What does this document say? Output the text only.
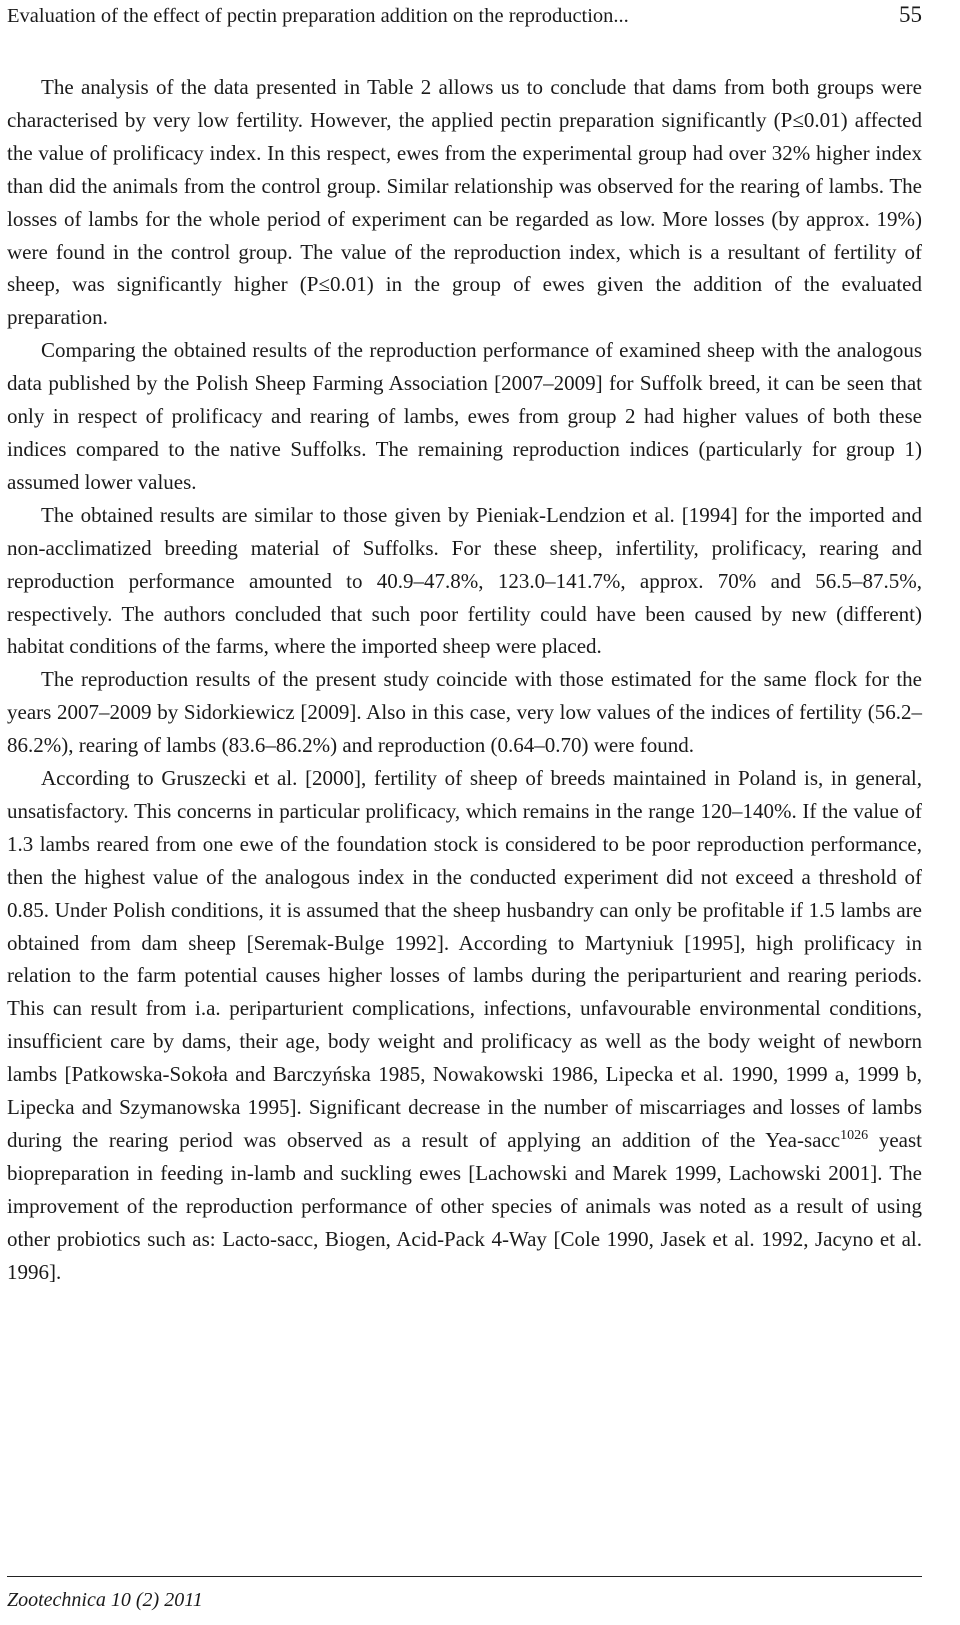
Evaluation of the effect of pectin preparation addition on the reproduction...	55

The analysis of the data presented in Table 2 allows us to conclude that dams from both groups were characterised by very low fertility. However, the applied pectin preparation significantly (P≤0.01) affected the value of prolificacy index. In this respect, ewes from the experimental group had over 32% higher index than did the animals from the control group. Similar relationship was observed for the rearing of lambs. The losses of lambs for the whole period of experiment can be regarded as low. More losses (by approx. 19%) were found in the control group. The value of the reproduction index, which is a resultant of fertility of sheep, was significantly higher (P≤0.01) in the group of ewes given the addition of the evaluated preparation.

Comparing the obtained results of the reproduction performance of examined sheep with the analogous data published by the Polish Sheep Farming Association [2007–2009] for Suffolk breed, it can be seen that only in respect of prolificacy and rearing of lambs, ewes from group 2 had higher values of both these indices compared to the native Suffolks. The remaining reproduction indices (particularly for group 1) assumed lower values.

The obtained results are similar to those given by Pieniak-Lendzion et al. [1994] for the imported and non-acclimatized breeding material of Suffolks. For these sheep, infertility, prolificacy, rearing and reproduction performance amounted to 40.9–47.8%, 123.0–141.7%, approx. 70% and 56.5–87.5%, respectively. The authors concluded that such poor fertility could have been caused by new (different) habitat conditions of the farms, where the imported sheep were placed.

The reproduction results of the present study coincide with those estimated for the same flock for the years 2007–2009 by Sidorkiewicz [2009]. Also in this case, very low values of the indices of fertility (56.2–86.2%), rearing of lambs (83.6–86.2%) and reproduction (0.64–0.70) were found.

According to Gruszecki et al. [2000], fertility of sheep of breeds maintained in Poland is, in general, unsatisfactory. This concerns in particular prolificacy, which remains in the range 120–140%. If the value of 1.3 lambs reared from one ewe of the foundation stock is considered to be poor reproduction performance, then the highest value of the analogous index in the conducted experiment did not exceed a threshold of 0.85. Under Polish conditions, it is assumed that the sheep husbandry can only be profitable if 1.5 lambs are obtained from dam sheep [Seremak-Bulge 1992]. According to Martyniuk [1995], high prolificacy in relation to the farm potential causes higher losses of lambs during the periparturient and rearing periods. This can result from i.a. periparturient complications, infections, unfavourable environmental conditions, insufficient care by dams, their age, body weight and prolificacy as well as the body weight of newborn lambs [Patkowska-Sokoła and Barczyńska 1985, Nowakowski 1986, Lipecka et al. 1990, 1999 a, 1999 b, Lipecka and Szymanowska 1995]. Significant decrease in the number of miscarriages and losses of lambs during the rearing period was observed as a result of applying an addition of the Yea-sacc$^{1026}$ yeast biopreparation in feeding in-lamb and suckling ewes [Lachowski and Marek 1999, Lachowski 2001]. The improvement of the reproduction performance of other species of animals was noted as a result of using other probiotics such as: Lacto-sacc, Biogen, Acid-Pack 4-Way [Cole 1990, Jasek et al. 1992, Jacyno et al. 1996].

Zootechnica 10 (2) 2011
